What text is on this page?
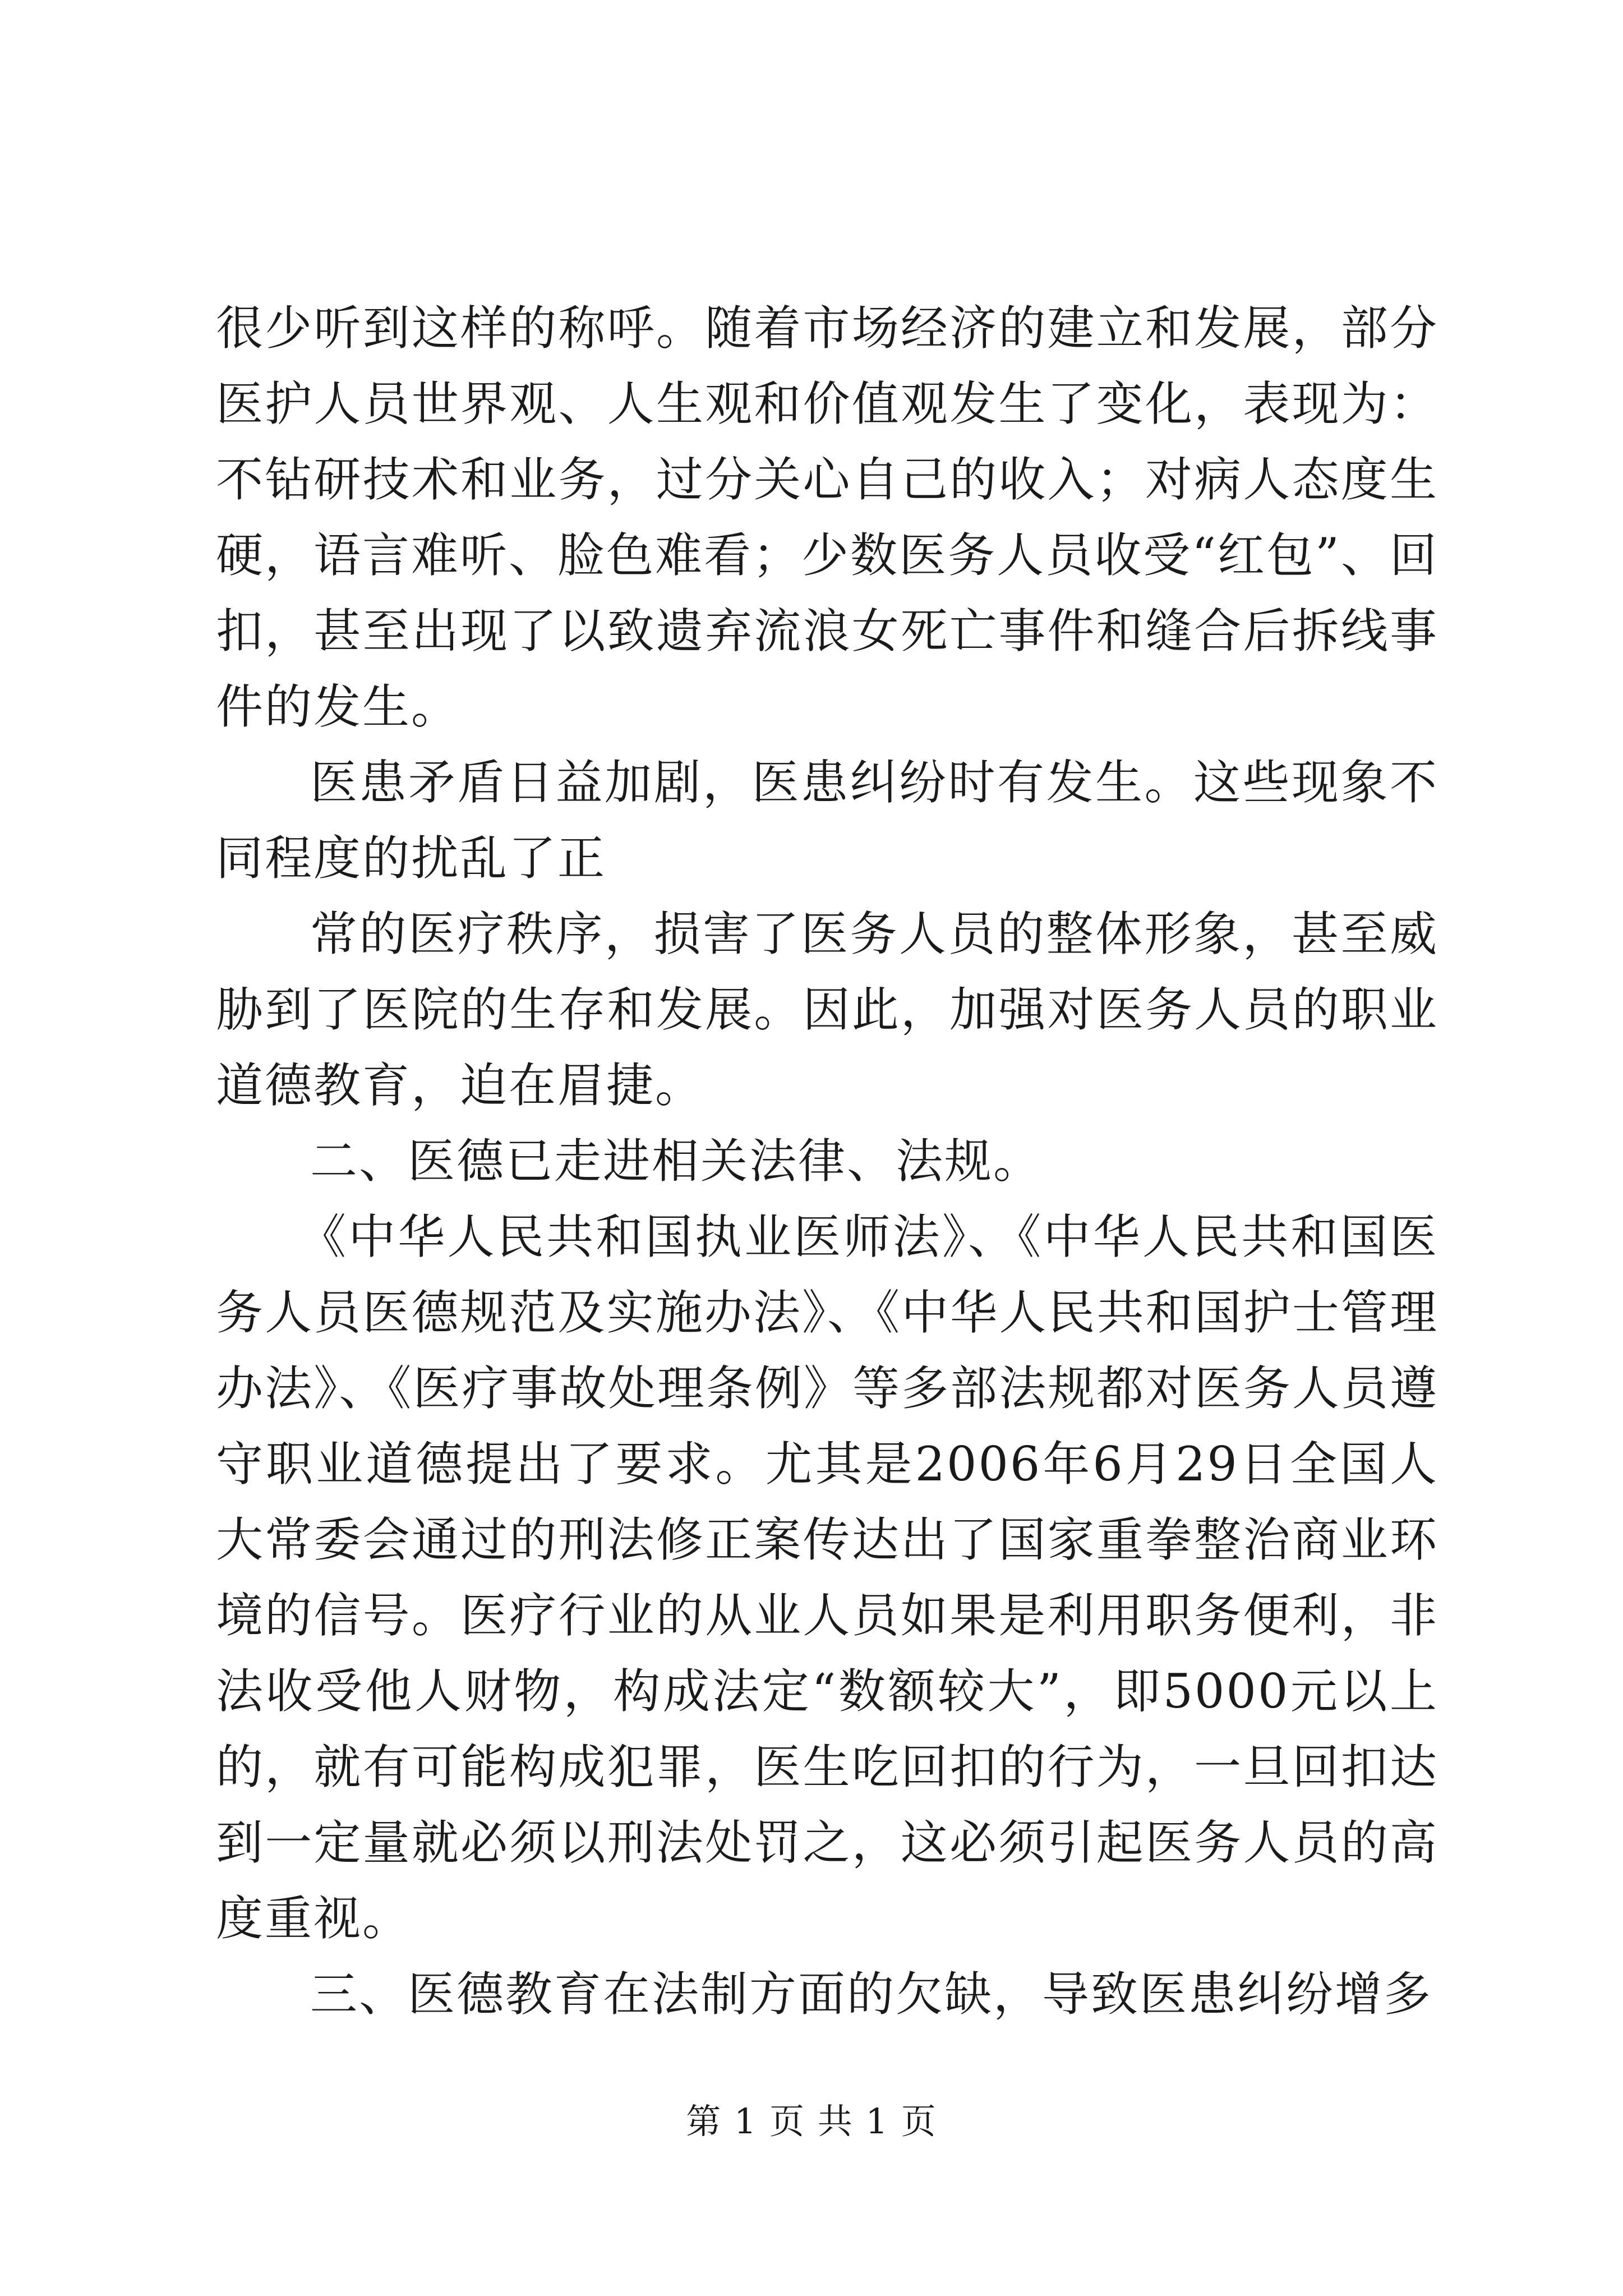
很少听到这样的称呼。随着市场经济的建立和发展，部分医护人员世界观、人生观和价值观发生了变化，表现为：不钻研技术和业务，过分关心自己的收入；对病人态度生硬，语言难听、脸色难看；少数医务人员收受“红包”、回扣，甚至出现了以致遗弃流浪女死亡事件和缝合后拆线事件的发生。

医患矛盾日益加剧，医患纠纷时有发生。这些现象不同程度的扰乱了正

常的医疗秩序，损害了医务人员的整体形象，甚至威胁到了医院的生存和发展。因此，加强对医务人员的职业道德教育，迫在眉捷。

二、医德已走进相关法律、法规。

《中华人民共和国执业医师法》、《中华人民共和国医务人员医德规范及实施办法》、《中华人民共和国护士管理办法》、《医疗事故处理条例》等多部法规都对医务人员遵守职业道德提出了要求。尤其是2006年6月29日全国人大常委会通过的刑法修正案传达出了国家重拳整治商业环境的信号。医疗行业的从业人员如果是利用职务便利，非法收受他人财物，构成法定“数额较大”，即5000元以上的，就有可能构成犯罪，医生吃回扣的行为，一旦回扣达到一定量就必须以刑法处罚之，这必须引起医务人员的高度重视。

三、医德教育在法制方面的欠缺，导致医患纠纷增多

第 1 页 共 1 页
